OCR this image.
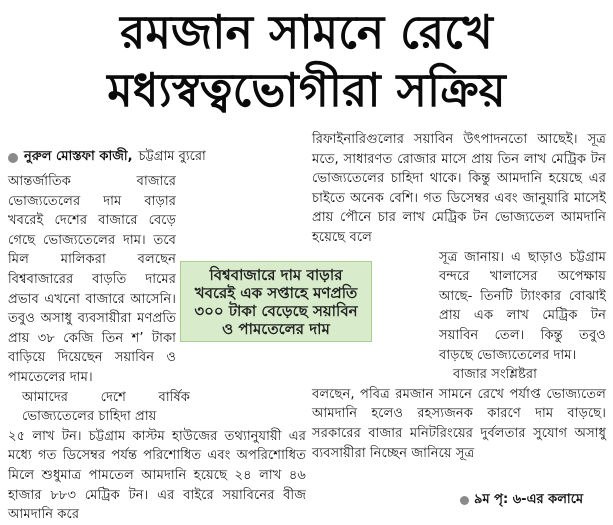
রমজান সামনে রেখে
মধ্যস্বত্বভোগীরা সক্রিয়
নুরুল মোস্তফা কাজী, চট্টগ্রাম ব্যুরো

আন্তর্জাতিক বাজারে ভোজ্যতেলের দাম বাড়ার খবরেই দেশের বাজারে বেড়ে গেছে ভোজ্যতেলের দাম। তবে মিল মালিকরা বলছেন বিশ্ববাজারের বাড়তি দামের প্রভাব এখনো বাজারে আসেনি। তবুও অসাধু ব্যবসায়ীরা মণপ্রতি প্রায় ৩৮ কেজি তিন শ’ টাকা বাড়িয়ে দিয়েছেন সয়াবিন ও পামতেলের দাম।

আমাদের দেশে বার্ষিক ভোজ্যতেলের চাহিদা প্রায়

২৫ লাখ টন। চট্টগ্রাম কাস্টম হাউজের তথ্যানুযায়ী এর মধ্যে গত ডিসেম্বর পর্যন্ত পরিশোধিত এবং অপরিশোধিত মিলে শুধুমাত্র পামতেল আমদানি হয়েছে ২৪ লাখ ৪৬ হাজার ৮৮৩ মেট্রিক টন। এর বাইরে সয়াবিনের বীজ আমদানি করে

বিশ্ববাজারে দাম বাড়ার খবরেই এক সপ্তাহে মণপ্রতি ৩০০ টাকা বেড়েছে সয়াবিন ও পামতেলের দাম

রিফাইনারিগুলোর সয়াবিন উৎপাদনতো আছেই। সূত্র মতে, সাধারণত রোজার মাসে প্রায় তিন লাখ মেট্রিক টন ভোজ্যতেলের চাহিদা থাকে। কিন্তু আমদানি হয়েছে এর চাইতে অনেক বেশি। গত ডিসেম্বর এবং জানুয়ারি মাসেই প্রায় পৌনে চার লাখ মেট্রিক টন ভোজ্যতেল আমদানি হয়েছে বলে

সূত্র জানায়। এ ছাড়াও চট্টগ্রাম বন্দরে খালাসের অপেক্ষায় আছে- তিনটি ট্যাংকার বোঝাই প্রায় এক লাখ মেট্রিক টন সয়াবিন তেল। কিন্তু তবুও বাড়ছে ভোজ্যতেলের দাম।

বাজার সংশ্লিষ্টরা

বলছেন, পবিত্র রমজান সামনে রেখে পর্যাপ্ত ভোজ্যতেল আমদানি হলেও রহস্যজনক কারণে দাম বাড়ছে। সরকারের বাজার মনিটরিংয়ের দুর্বলতার সুযোগ অসাধু ব্যবসায়ীরা নিচ্ছেন জানিয়ে সূত্র

৯ম পৃ: ৬-এর কলামে
